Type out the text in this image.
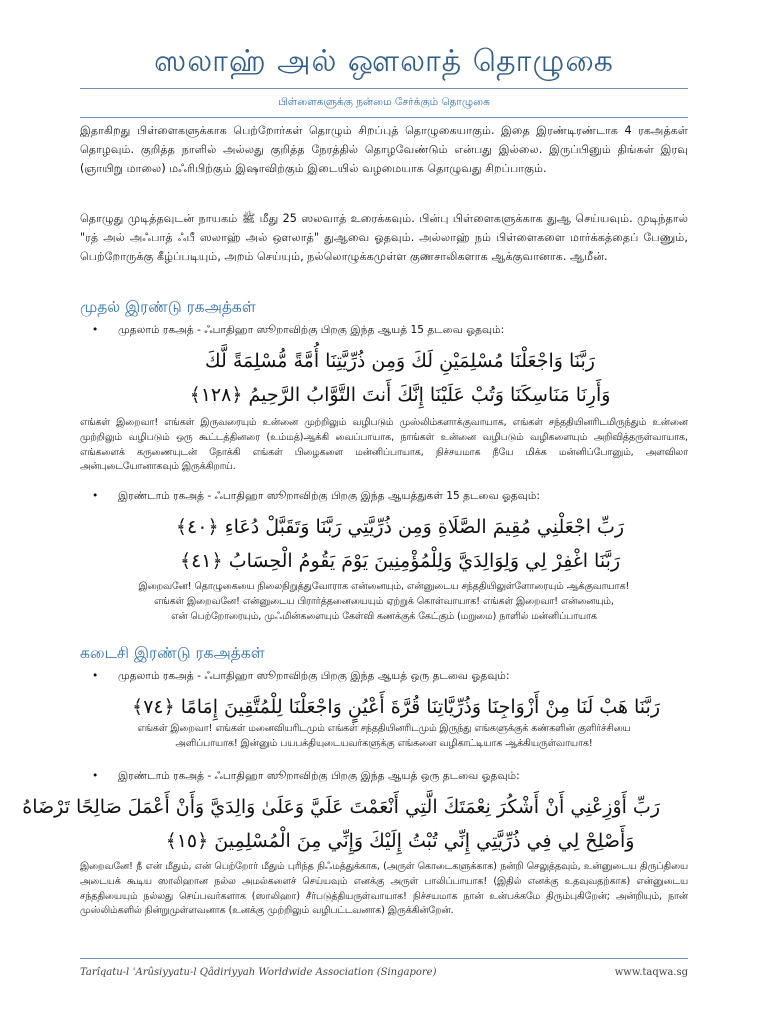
ஸலாஹ் அல் ஔலாத் தொழுகை
பிள்ளைகளுக்கு நன்மை சேர்க்கும் தொழுகை
இதாகிறது பிள்ளைகளுக்காக பெற்றோர்கள் தொழும் சிறப்புத் தொழுகையாகும். இதை இரண்டிரண்டாக 4 ரகஅத்கள் தொழவும். குறித்த நாளில் அல்லது குறித்த நேரத்தில் தொழவேண்டும் என்பது இல்லை. இருப்பினும் திங்கள் இரவு (ஞாயிறு மாலை) மஃரிபிற்கும் இஷாவிற்கும் இடையில் வழமையாக தொழுவது சிறப்பாகும்.
தொழுது முடித்தவுடன் நாயகம் ﷺ மீது 25 ஸலவாத் உரைக்கவும். பின்பு பிள்ளைகளுக்காக துஆ செய்யவும். முடிந்தால் "ரத் அல் அஃபாத் ஃபீ ஸலாஹ் அல் ஔலாத்" துஆவை ஓதவும். அல்லாஹ் நம் பிள்ளைகளை மார்க்கத்தைப் பேணும், பெற்றோருக்கு கீழ்ப்படியும், அறம் செய்யும், நல்லொழுக்கமுள்ள குணசாலிகளாக ஆக்குவானாக. ஆமீன்.
முதல் இரண்டு ரகஅத்கள்
• முதலாம் ரகஅத் - ஃபாதிஹா ஸூறாவிற்கு பிறகு இந்த ஆயத் 15 தடவை ஓதவும்:
رَبَّنَا وَاجْعَلْنَا مُسْلِمَيْنِ لَكَ وَمِن ذُرِّيَّتِنَا أُمَّةً مُّسْلِمَةً لَّكَ
وَأَرِنَا مَنَاسِكَنَا وَتُبْ عَلَيْنَا إِنَّكَ أَنتَ التَّوَّابُ الرَّحِيمُ ﴿١٢٨﴾
எங்கள் இறைவா! எங்கள் இருவரையும் உன்னை முற்றிலும் வழிபடும் முஸ்லிம்களாக்குவாயாக, எங்கள் சந்ததியினரிடமிருந்தும் உன்னை முற்றிலும் வழிபடும் ஒரு கூட்டத்தினரை (உம்மத்)ஆக்கி வைப்பாயாக, நாங்கள் உன்னை வழிபடும் வழிகளையும் அறிவித்தருள்வாயாக, எங்களைக் கருணையுடன் நோக்கி எங்கள் பிழைகளை மன்னிப்பாயாக, நிச்சயமாக நீயே மிக்க மன்னிப்போனும், அளவிலா அன்புடையோனாகவும் இருக்கிறாய்.
• இரண்டாம் ரகஅத் - ஃபாதிஹா ஸூறாவிற்கு பிறகு இந்த ஆயத்துகள் 15 தடவை ஓதவும்:
رَبِّ اجْعَلْنِي مُقِيمَ الصَّلَاةِ وَمِن ذُرِّيَّتِي رَبَّنَا وَتَقَبَّلْ دُعَاءِ ﴿٤٠﴾
رَبَّنَا اغْفِرْ لِي وَلِوَالِدَيَّ وَلِلْمُؤْمِنِينَ يَوْمَ يَقُومُ الْحِسَابُ ﴿٤١﴾
இறைவனே! தொழுகையை நிலைநிறுத்துவோராக என்னையும், என்னுடைய சந்ததியிலுள்ளோரையும் ஆக்குவாயாக!
எங்கள் இறைவனே! என்னுடைய பிரார்த்தனையையும் ஏற்றுக் கொள்வாயாக! எங்கள் இறைவா! என்னையும்,
என் பெற்றோரையும், முஃமின்களையும் கேள்வி கணக்குக் கேட்கும் (மறுமை) நாளில் மன்னிப்பாயாக
கடைசி இரண்டு ரகஅத்கள்
• முதலாம் ரகஅத் - ஃபாதிஹா ஸூறாவிற்கு பிறகு இந்த ஆயத் ஒரு தடவை ஓதவும்:
رَبَّنَا هَبْ لَنَا مِنْ أَزْوَاجِنَا وَذُرِّيَّاتِنَا قُرَّةَ أَعْيُنٍ وَاجْعَلْنَا لِلْمُتَّقِينَ إِمَامًا ﴿٧٤﴾
எங்கள் இறைவா! எங்கள் மனைவியரிடமும் எங்கள் சந்ததியினரிடமும் இருந்து எங்களுக்குக் கண்களின் குளிர்ச்சியை
அளிப்பாயாக! இன்னும் பயபக்தியுடையவர்களுக்கு எங்களை வழிகாட்டியாக ஆக்கியருள்வாயாக!
• இரண்டாம் ரகஅத் - ஃபாதிஹா ஸூறாவிற்கு பிறகு இந்த ஆயத் ஒரு தடவை ஓதவும்:
رَبِّ أَوْزِعْنِي أَنْ أَشْكُرَ نِعْمَتَكَ الَّتِي أَنْعَمْتَ عَلَيَّ وَعَلَىٰ وَالِدَيَّ وَأَنْ أَعْمَلَ صَالِحًا تَرْضَاهُ
وَأَصْلِحْ لِي فِي ذُرِّيَّتِي إِنِّي تُبْتُ إِلَيْكَ وَإِنِّي مِنَ الْمُسْلِمِينَ ﴿١٥﴾
இறைவனே! நீ என் மீதும், என் பெற்றோர் மீதும் புரிந்த நிஃமத்துக்காக, (அருள் கொடைகளுக்காக) நன்றி செலுத்தவும், உன்னுடைய திருப்தியை அடையக் கூடிய ஸாலிஹான நல்ல அமல்களைச் செய்யவும் எனக்கு அருள் பாலிப்பாயாக! (இதில் எனக்கு உதவுவதற்காக) என்னுடைய சந்ததியையும் நல்லது செய்பவர்களாக (ஸாலிஹா) சீர்படுத்தியருள்வாயாக! நிச்சயமாக நான் உன்பக்கமே திரும்புகிறேன்; அன்றியும், நான் முஸ்லிம்களில் நின்றுமுள்ளவனாக (உனக்கு முற்றிலும் வழிபட்டவனாக) இருக்கின்றேன்.
Tarîqatu-l ʿArûsiyyatu-l Qâdiriyyah Worldwide Association (Singapore)	www.taqwa.sg
